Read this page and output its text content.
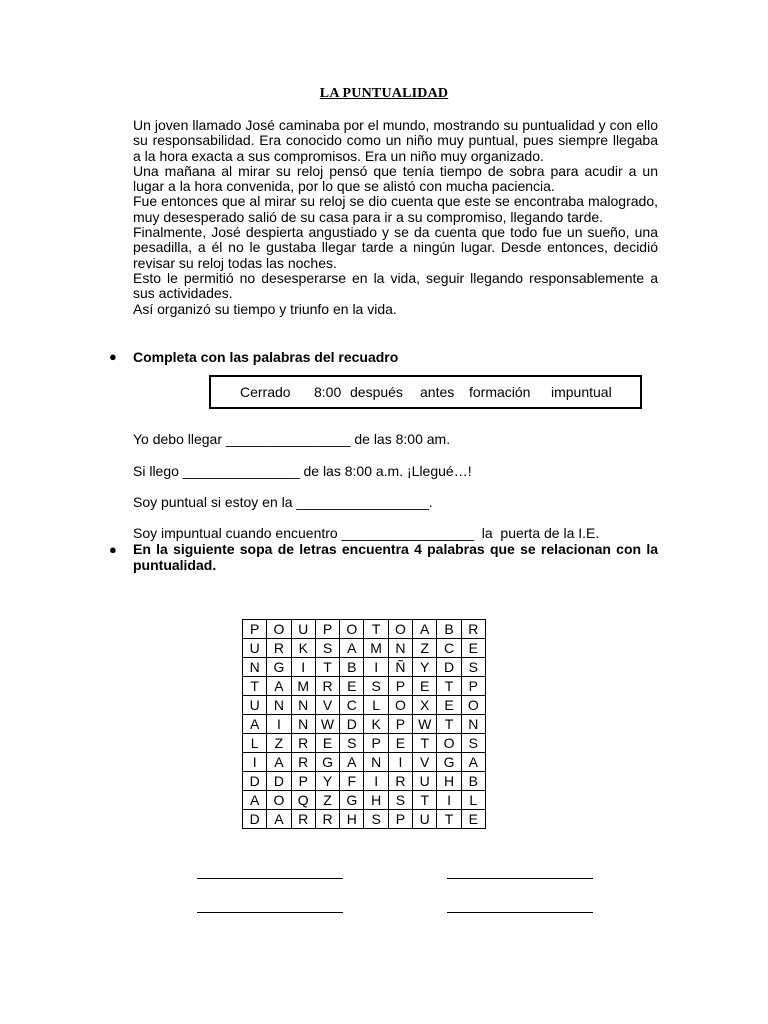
LA PUNTUALIDAD

Un joven llamado José caminaba por el mundo, mostrando su puntualidad y con ello su responsabilidad. Era conocido como un niño muy puntual, pues siempre llegaba a la hora exacta a sus compromisos. Era un niño muy organizado.

Una mañana al mirar su reloj pensó que tenía tiempo de sobra para acudir a un lugar a la hora convenida, por lo que se alistó con mucha paciencia.

Fue entonces que al mirar su reloj se dio cuenta que este se encontraba malogrado, muy desesperado salió de su casa para ir a su compromiso, llegando tarde.

Finalmente, José despierta angustiado y se da cuenta que todo fue un sueño, una pesadilla, a él no le gustaba llegar tarde a ningún lugar. Desde entonces, decidió revisar su reloj todas las noches.

Esto le permitió no desesperarse en la vida, seguir llegando responsablemente a sus actividades.

Así organizó su tiempo y triunfo en la vida.

● Completa con las palabras del recuadro
Cerrado 8:00 después antes formación impuntual
Yo debo llegar ________________ de las 8:00 am.
Si llego _______________ de las 8:00 a.m. ¡Llegué…!
Soy puntual si estoy en la _________________.
Soy impuntual cuando encuentro _________________  la  puerta de la I.E.
● En la siguiente sopa de letras encuentra 4 palabras que se relacionan con la puntualidad.
P	O	U	P	O	T	O	A	B	R
U	R	K	S	A	M	N	Z	C	E
N	G	I	T	B	I	Ñ	Y	D	S
T	A	M	R	E	S	P	E	T	P
U	N	N	V	C	L	O	X	E	O
A	I	N	W	D	K	P	W	T	N
L	Z	R	E	S	P	E	T	O	S
I	A	R	G	A	N	I	V	G	A
D	D	P	Y	F	I	R	U	H	B
A	O	Q	Z	G	H	S	T	I	L
D	A	R	R	H	S	P	U	T	E
